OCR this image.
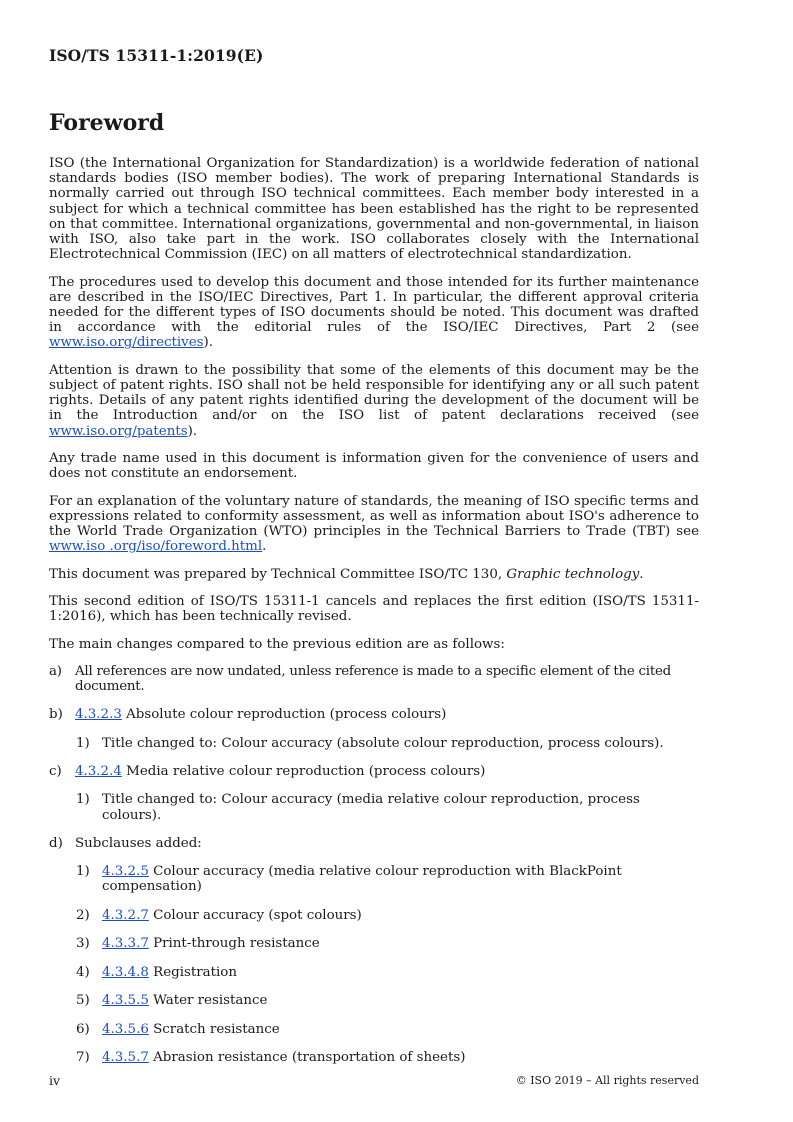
ISO/TS 15311-1:2019(E)
Foreword

ISO (the International Organization for Standardization) is a worldwide federation of national standards bodies (ISO member bodies). The work of preparing International Standards is normally carried out through ISO technical committees. Each member body interested in a subject for which a technical committee has been established has the right to be represented on that committee. International organizations, governmental and non-governmental, in liaison with ISO, also take part in the work. ISO collaborates closely with the International Electrotechnical Commission (IEC) on all matters of electrotechnical standardization.

The procedures used to develop this document and those intended for its further maintenance are described in the ISO/IEC Directives, Part 1. In particular, the different approval criteria needed for the different types of ISO documents should be noted. This document was drafted in accordance with the editorial rules of the ISO/IEC Directives, Part 2 (see www.iso.org/directives).

Attention is drawn to the possibility that some of the elements of this document may be the subject of patent rights. ISO shall not be held responsible for identifying any or all such patent rights. Details of any patent rights identified during the development of the document will be in the Introduction and/or on the ISO list of patent declarations received (see www.iso.org/patents).

Any trade name used in this document is information given for the convenience of users and does not constitute an endorsement.

For an explanation of the voluntary nature of standards, the meaning of ISO specific terms and expressions related to conformity assessment, as well as information about ISO's adherence to the World Trade Organization (WTO) principles in the Technical Barriers to Trade (TBT) see www.iso .org/iso/foreword.html.

This document was prepared by Technical Committee ISO/TC 130, Graphic technology.

This second edition of ISO/TS 15311-1 cancels and replaces the first edition (ISO/TS 15311-1:2016), which has been technically revised.

The main changes compared to the previous edition are as follows:

a) All references are now undated, unless reference is made to a specific element of the cited document.
b) 4.3.2.3 Absolute colour reproduction (process colours)
1) Title changed to: Colour accuracy (absolute colour reproduction, process colours).
c) 4.3.2.4 Media relative colour reproduction (process colours)
1) Title changed to: Colour accuracy (media relative colour reproduction, process colours).
d) Subclauses added:
1) 4.3.2.5 Colour accuracy (media relative colour reproduction with BlackPoint compensation)
2) 4.3.2.7 Colour accuracy (spot colours)
3) 4.3.3.7 Print-through resistance
4) 4.3.4.8 Registration
5) 4.3.5.5 Water resistance
6) 4.3.5.6 Scratch resistance
7) 4.3.5.7 Abrasion resistance (transportation of sheets)
iv	© ISO 2019 – All rights reserved
